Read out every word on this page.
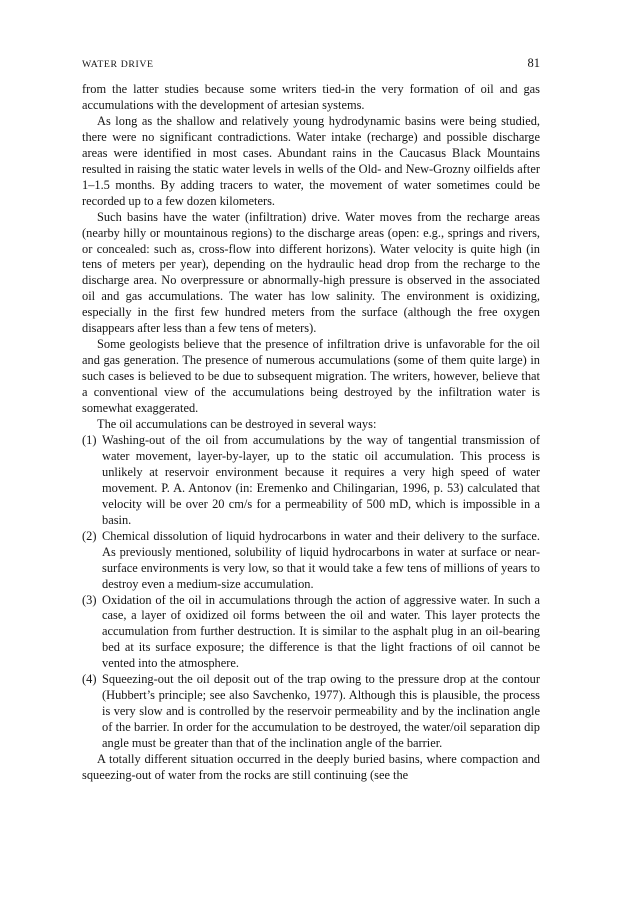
WATER DRIVE	81

from the latter studies because some writers tied-in the very formation of oil and gas accumulations with the development of artesian systems.

As long as the shallow and relatively young hydrodynamic basins were being studied, there were no significant contradictions. Water intake (recharge) and possible discharge areas were identified in most cases. Abundant rains in the Caucasus Black Mountains resulted in raising the static water levels in wells of the Old- and New-Grozny oilfields after 1–1.5 months. By adding tracers to water, the movement of water sometimes could be recorded up to a few dozen kilometers.

Such basins have the water (infiltration) drive. Water moves from the recharge areas (nearby hilly or mountainous regions) to the discharge areas (open: e.g., springs and rivers, or concealed: such as, cross-flow into different horizons). Water velocity is quite high (in tens of meters per year), depending on the hydraulic head drop from the recharge to the discharge area. No overpressure or abnormally-high pressure is observed in the associated oil and gas accumulations. The water has low salinity. The environment is oxidizing, especially in the first few hundred meters from the surface (although the free oxygen disappears after less than a few tens of meters).

Some geologists believe that the presence of infiltration drive is unfavorable for the oil and gas generation. The presence of numerous accumulations (some of them quite large) in such cases is believed to be due to subsequent migration. The writers, however, believe that a conventional view of the accumulations being destroyed by the infiltration water is somewhat exaggerated.

The oil accumulations can be destroyed in several ways:

(1) Washing-out of the oil from accumulations by the way of tangential transmission of water movement, layer-by-layer, up to the static oil accumulation. This process is unlikely at reservoir environment because it requires a very high speed of water movement. P. A. Antonov (in: Eremenko and Chilingarian, 1996, p. 53) calculated that velocity will be over 20 cm/s for a permeability of 500 mD, which is impossible in a basin.
(2) Chemical dissolution of liquid hydrocarbons in water and their delivery to the surface. As previously mentioned, solubility of liquid hydrocarbons in water at surface or near-surface environments is very low, so that it would take a few tens of millions of years to destroy even a medium-size accumulation.
(3) Oxidation of the oil in accumulations through the action of aggressive water. In such a case, a layer of oxidized oil forms between the oil and water. This layer protects the accumulation from further destruction. It is similar to the asphalt plug in an oil-bearing bed at its surface exposure; the difference is that the light fractions of oil cannot be vented into the atmosphere.
(4) Squeezing-out the oil deposit out of the trap owing to the pressure drop at the contour (Hubbert’s principle; see also Savchenko, 1977). Although this is plausible, the process is very slow and is controlled by the reservoir permeability and by the inclination angle of the barrier. In order for the accumulation to be destroyed, the water/oil separation dip angle must be greater than that of the inclination angle of the barrier.

A totally different situation occurred in the deeply buried basins, where compaction and squeezing-out of water from the rocks are still continuing (see the
